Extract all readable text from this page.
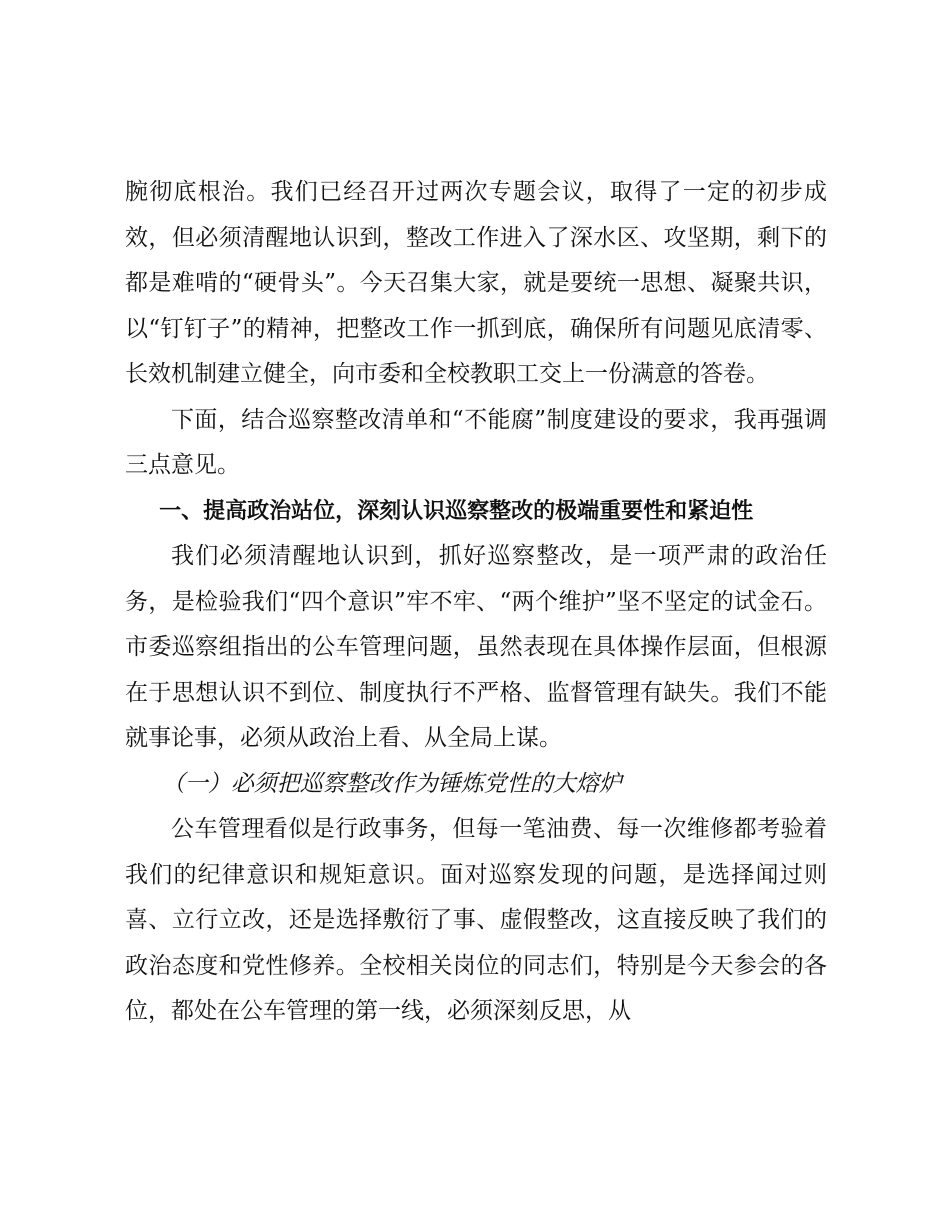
腕彻底根治。我们已经召开过两次专题会议，取得了一定的初步成效，但必须清醒地认识到，整改工作进入了深水区、攻坚期，剩下的都是难啃的“硬骨头”。今天召集大家，就是要统一思想、凝聚共识，以“钉钉子”的精神，把整改工作一抓到底，确保所有问题见底清零、长效机制建立健全，向市委和全校教职工交上一份满意的答卷。

下面，结合巡察整改清单和“不能腐”制度建设的要求，我再强调三点意见。

一、提高政治站位，深刻认识巡察整改的极端重要性和紧迫性

我们必须清醒地认识到，抓好巡察整改，是一项严肃的政治任务，是检验我们“四个意识”牢不牢、“两个维护”坚不坚定的试金石。市委巡察组指出的公车管理问题，虽然表现在具体操作层面，但根源在于思想认识不到位、制度执行不严格、监督管理有缺失。我们不能就事论事，必须从政治上看、从全局上谋。

（一）必须把巡察整改作为锤炼党性的大熔炉

公车管理看似是行政事务，但每一笔油费、每一次维修都考验着我们的纪律意识和规矩意识。面对巡察发现的问题，是选择闻过则喜、立行立改，还是选择敷衍了事、虚假整改，这直接反映了我们的政治态度和党性修养。全校相关岗位的同志们，特别是今天参会的各位，都处在公车管理的第一线，必须深刻反思，从
